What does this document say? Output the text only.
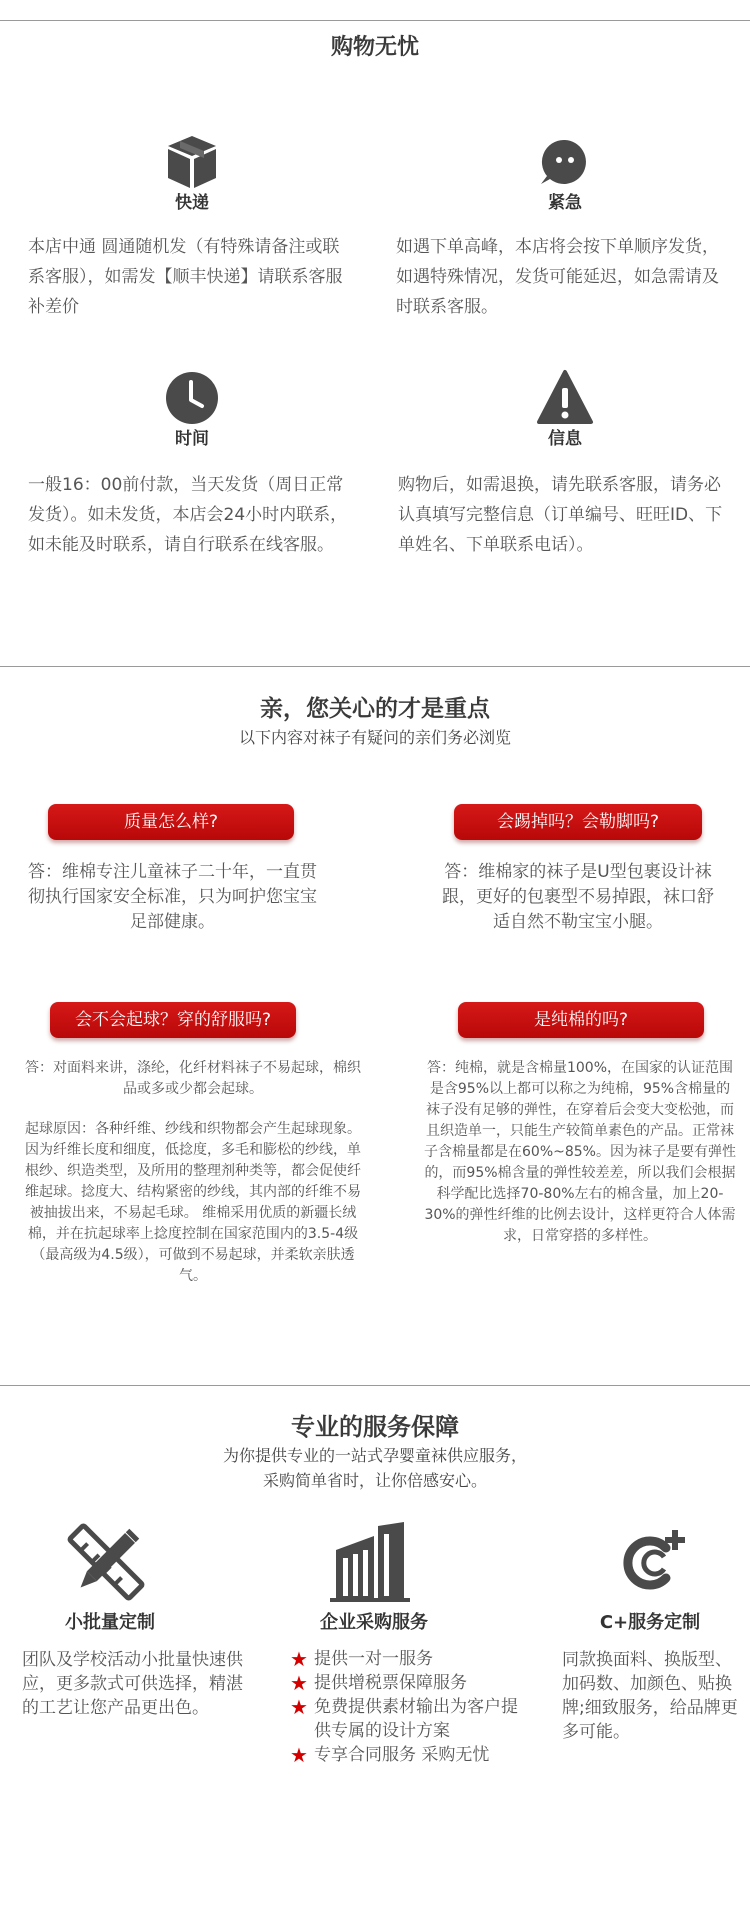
购物无忧
快递	紧急
本店中通 圆通随机发（有特殊请备注或联系客服），如需发【顺丰快递】请联系客服补差价
如遇下单高峰，本店将会按下单顺序发货，如遇特殊情况，发货可能延迟，如急需请及时联系客服。
时间	信息
一般16：00前付款，当天发货（周日正常发货）。如未发货，本店会24小时内联系，如未能及时联系，请自行联系在线客服。
购物后，如需退换，请先联系客服，请务必认真填写完整信息（订单编号、旺旺ID、下单姓名、下单联系电话）。
亲，您关心的才是重点
以下内容对袜子有疑问的亲们务必浏览
质量怎么样?	会踢掉吗？会勒脚吗?
答：维棉专注儿童袜子二十年，一直贯彻执行国家安全标准，只为呵护您宝宝足部健康。
答：维棉家的袜子是U型包裹设计袜跟，更好的包裹型不易掉跟，袜口舒适自然不勒宝宝小腿。
会不会起球？穿的舒服吗?	是纯棉的吗?
答：对面料来讲，涤纶，化纤材料袜子不易起球，棉织品或多或少都会起球。
起球原因：各种纤维、纱线和织物都会产生起球现象。因为纤维长度和细度，低捻度，多毛和膨松的纱线，单根纱、织造类型，及所用的整理剂种类等，都会促使纤维起球。捻度大、结构紧密的纱线，其内部的纤维不易被抽拔出来，不易起毛球。 维棉采用优质的新疆长绒棉，并在抗起球率上捻度控制在国家范围内的3.5-4级（最高级为4.5级），可做到不易起球，并柔软亲肤透气。
答：纯棉，就是含棉量100%，在国家的认证范围是含95%以上都可以称之为纯棉，95%含棉量的袜子没有足够的弹性，在穿着后会变大变松弛，而且织造单一，只能生产较简单素色的产品。正常袜子含棉量都是在60%~85%。因为袜子是要有弹性的，而95%棉含量的弹性较差差，所以我们会根据科学配比选择70-80%左右的棉含量，加上20-30%的弹性纤维的比例去设计，这样更符合人体需求，日常穿搭的多样性。
专业的服务保障
为你提供专业的一站式孕婴童袜供应服务，
采购简单省时，让你倍感安心。
小批量定制
团队及学校活动小批量快速供应，更多款式可供选择，精湛的工艺让您产品更出色。
企业采购服务
★ 提供一对一服务
★ 提供增税票保障服务
★ 免费提供素材输出为客户提供专属的设计方案
★ 专享合同服务 采购无忧
C+服务定制
同款换面料、换版型、加码数、加颜色、贴换牌;细致服务，给品牌更多可能。
